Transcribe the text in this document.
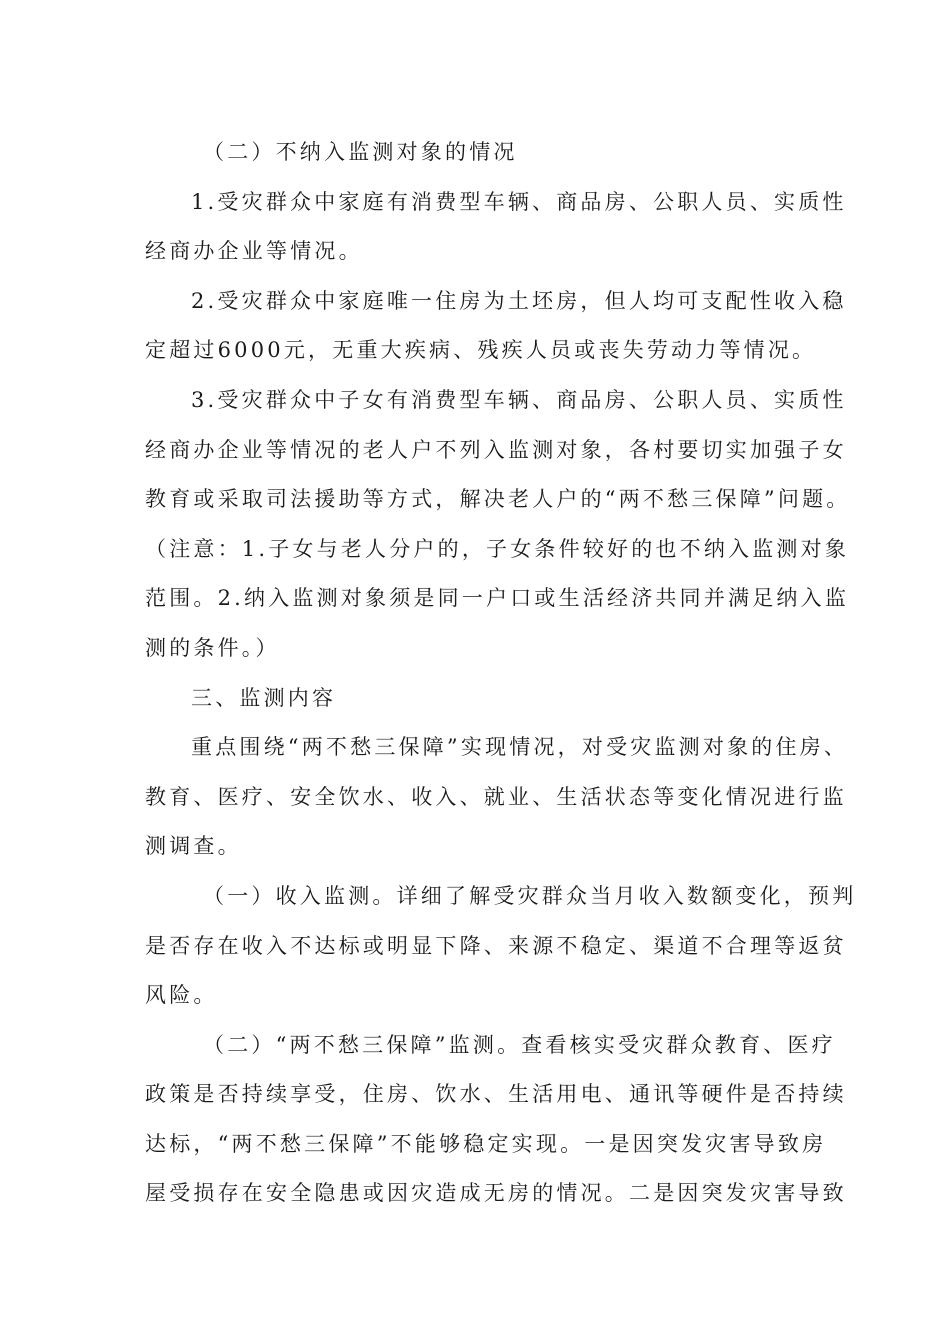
（二）不纳入监测对象的情况
1.受灾群众中家庭有消费型车辆、商品房、公职人员、实质性
经商办企业等情况。
2.受灾群众中家庭唯一住房为土坯房，但人均可支配性收入稳
定超过6000元，无重大疾病、残疾人员或丧失劳动力等情况。
3.受灾群众中子女有消费型车辆、商品房、公职人员、实质性
经商办企业等情况的老人户不列入监测对象，各村要切实加强子女
教育或采取司法援助等方式，解决老人户的“两不愁三保障”问题。
（注意：1.子女与老人分户的，子女条件较好的也不纳入监测对象
范围。2.纳入监测对象须是同一户口或生活经济共同并满足纳入监
测的条件。）
三、监测内容
重点围绕“两不愁三保障”实现情况，对受灾监测对象的住房、
教育、医疗、安全饮水、收入、就业、生活状态等变化情况进行监
测调查。
（一）收入监测。详细了解受灾群众当月收入数额变化，预判
是否存在收入不达标或明显下降、来源不稳定、渠道不合理等返贫
风险。
（二）“两不愁三保障”监测。查看核实受灾群众教育、医疗
政策是否持续享受，住房、饮水、生活用电、通讯等硬件是否持续
达标，“两不愁三保障”不能够稳定实现。一是因突发灾害导致房
屋受损存在安全隐患或因灾造成无房的情况。二是因突发灾害导致
